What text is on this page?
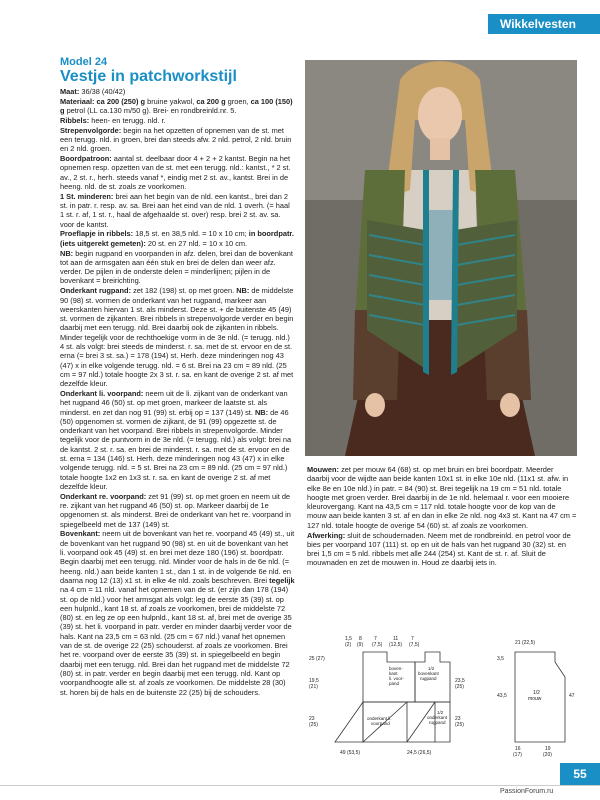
Wikkelvesten
Model 24
Vestje in patchworkstijl

Maat: 36/38 (40/42)

Materiaal: ca 200 (250) g bruine yakwol, ca 200 g groen, ca 100 (150) g petrol (LL ca.130 m/50 g). Brei- en rondbreinld.nr. 5.

Ribbels: heen- en terugg. nld. r.

Strepenvolgorde: begin na het opzetten of opnemen van de st. met een terugg. nld. in groen, brei dan steeds afw. 2 nld. petrol, 2 nld. bruin en 2 nld. groen.

Boordpatroon: aantal st. deelbaar door 4 + 2 + 2 kantst. Begin na het opnemen resp. opzetten van de st. met een terugg. nld.: kantst., * 2 st. av., 2 st. r., herh. steeds vanaf *, eindig met 2 st. av., kantst. Brei in de heeng. nld. de st. zoals ze voorkomen.

1 St. minderen: brei aan het begin van de nld. een kantst., brei dan 2 st. in patr. r. resp. av. sa. Brei aan het eind van de nld. 1 overh. (= haal 1 st. r. af, 1 st. r., haal de afgehaalde st. over) resp. brei 2 st. av. sa. voor de kantst.

Proeflapje in ribbels: 18,5 st. en 38,5 nld. = 10 x 10 cm; in boordpatr. (iets uitgerekt gemeten): 20 st. en 27 nld. = 10 x 10 cm.

NB: begin rugpand en voorpanden in afz. delen, brei dan de bovenkant tot aan de armsgaten aan één stuk en brei de delen dan weer afz. verder. De pijlen in de onderste delen = minderlijnen; pijlen in de bovenkant = breirichting.

Onderkant rugpand: zet 182 (198) st. op met groen. NB: de middelste 90 (98) st. vormen de onderkant van het rugpand, markeer aan weerskanten hiervan 1 st. als minderst. Deze st. + de buitenste 45 (49) st. vormen de zijkanten. Brei ribbels in strepenvolgorde verder en begin daarbij met een terugg. nld. Brei daarbij ook de zijkanten in ribbels. Minder tegelijk voor de rechthoekige vorm in de 3e nld. (= terugg. nld.) 4 st. als volgt: brei steeds de minderst. r. sa. met de st. ervoor en de st. erna (= brei 3 st. sa.) = 178 (194) st. Herh. deze minderingen nog 43 (47) x in elke volgende terugg. nld. = 6 st. Brei na 23 cm = 89 nld. (25 cm = 97 nld.) totale hoogte 2x 3 st. r. sa. en kant de overige 2 st. af met dezelfde kleur.

Onderkant li. voorpand: neem uit de li. zijkant van de onderkant van het rugpand 46 (50) st. op met groen, markeer de laatste st. als minderst. en zet dan nog 91 (99) st. erbij op = 137 (149) st. NB: de 46 (50) opgenomen st. vormen de zijkant, de 91 (99) opgezette st. de onderkant van het voorpand. Brei ribbels in strepenvolgorde. Minder tegelijk voor de puntvorm in de 3e nld. (= terugg. nld.) als volgt: brei na de kantst. 2 st. r. sa. en brei de minderst. r. sa. met de st. ervoor en de st. erna = 134 (146) st. Herh. deze minderingen nog 43 (47) x in elke volgende terugg. nld. = 5 st. Brei na 23 cm = 89 nld. (25 cm = 97 nld.) totale hoogte 1x2 en 1x3 st. r. sa. en kant de overige 2 st. af met dezelfde kleur.

Onderkant re. voorpand: zet 91 (99) st. op met groen en neem uit de re. zijkant van het rugpand 46 (50) st. op. Markeer daarbij de 1e opgenomen st. als minderst. Brei de onderkant van het re. voorpand in spiegelbeeld met de 137 (149) st.

Bovenkant: neem uit de bovenkant van het re. voorpand 45 (49) st., uit de bovenkant van het rugpand 90 (98) st. en uit de bovenkant van het li. voorpand ook 45 (49) st. en brei met deze 180 (196) st. boordpatr. Begin daarbij met een terugg. nld. Minder voor de hals in de 6e nld. (= heeng. nld.) aan beide kanten 1 st., dan 1 st. in de volgende 6e nld. en daarna nog 12 (13) x1 st. in elke 4e nld. zoals beschreven. Brei tegelijk na 4 cm = 11 nld. vanaf het opnemen van de st. (er zijn dan 178 (194) st. op de nld.) voor het armsgat als volgt: leg de eerste 35 (39) st. op een hulpnld., kant 18 st. af zoals ze voorkomen, brei de middelste 72 (80) st. en leg ze op een hulpnld., kant 18 st. af, brei met de overige 35 (39) st. het li. voorpand in patr. verder en minder daarbij verder voor de hals. Kant na 23,5 cm = 63 nld. (25 cm = 67 nld.) vanaf het opnemen van de st. de overige 22 (25) schouderst. af zoals ze voorkomen. Brei het re. voorpand over de eerste 35 (39) st. in spiegelbeeld en begin daarbij met een terugg. nld. Brei dan het rugpand met de middelste 72 (80) st. in patr. verder en begin daarbij met een terugg. nld. Kant op voorpandhoogte alle st. af zoals ze voorkomen. De middelste 28 (30) st. horen bij de hals en de buitenste 22 (25) bij de schouders.

Mouwen: zet per mouw 64 (68) st. op met bruin en brei boordpatr. Meerder daarbij voor de wijdte aan beide kanten 10x1 st. in elke 10e nld. (11x1 st. afw. in elke 8e en 10e nld.) in patr. = 84 (90) st. Brei tegelijk na 19 cm = 51 nld. totale hoogte met groen verder. Brei daarbij in de 1e nld. helemaal r. voor een mooiere kleurovergang. Kant na 43,5 cm = 117 nld. totale hoogte voor de kop van de mouw aan beide kanten 3 st. af en dan in elke 2e nld. nog 4x3 st. Kant na 47 cm = 127 nld. totale hoogte de overige 54 (60) st. af zoals ze voorkomen.

Afwerking: sluit de schoudernaden. Neem met de rondbreinld. en petrol voor de bies per voorpand 107 (111) st. op en uit de hals van het rugpand 30 (32) st. en brei 1,5 cm = 5 nld. ribbels met alle 244 (254) st. Kant de st. r. af. Sluit de mouwnaden en zet de mouwen in. Houd ze daarbij iets in.

1,5
(2)
8
(9)
7
(7,5)
11
(12,5)
7
(7,5)
25 (27)
19,5
(21)
23
(25)
23,5
(25)
23
(25)
49 (53,5)	24,5 (26,5)
boven-
kant
li. voor-
pand
1/2
bovenkant
rugpand
1/2
onderkant
rugpand
onderkant li.
voorpand
21 (22,5)
3,5
1/2
mouw
43,5	47
16
(17)
19
(20)
55
PassionForum.ru
